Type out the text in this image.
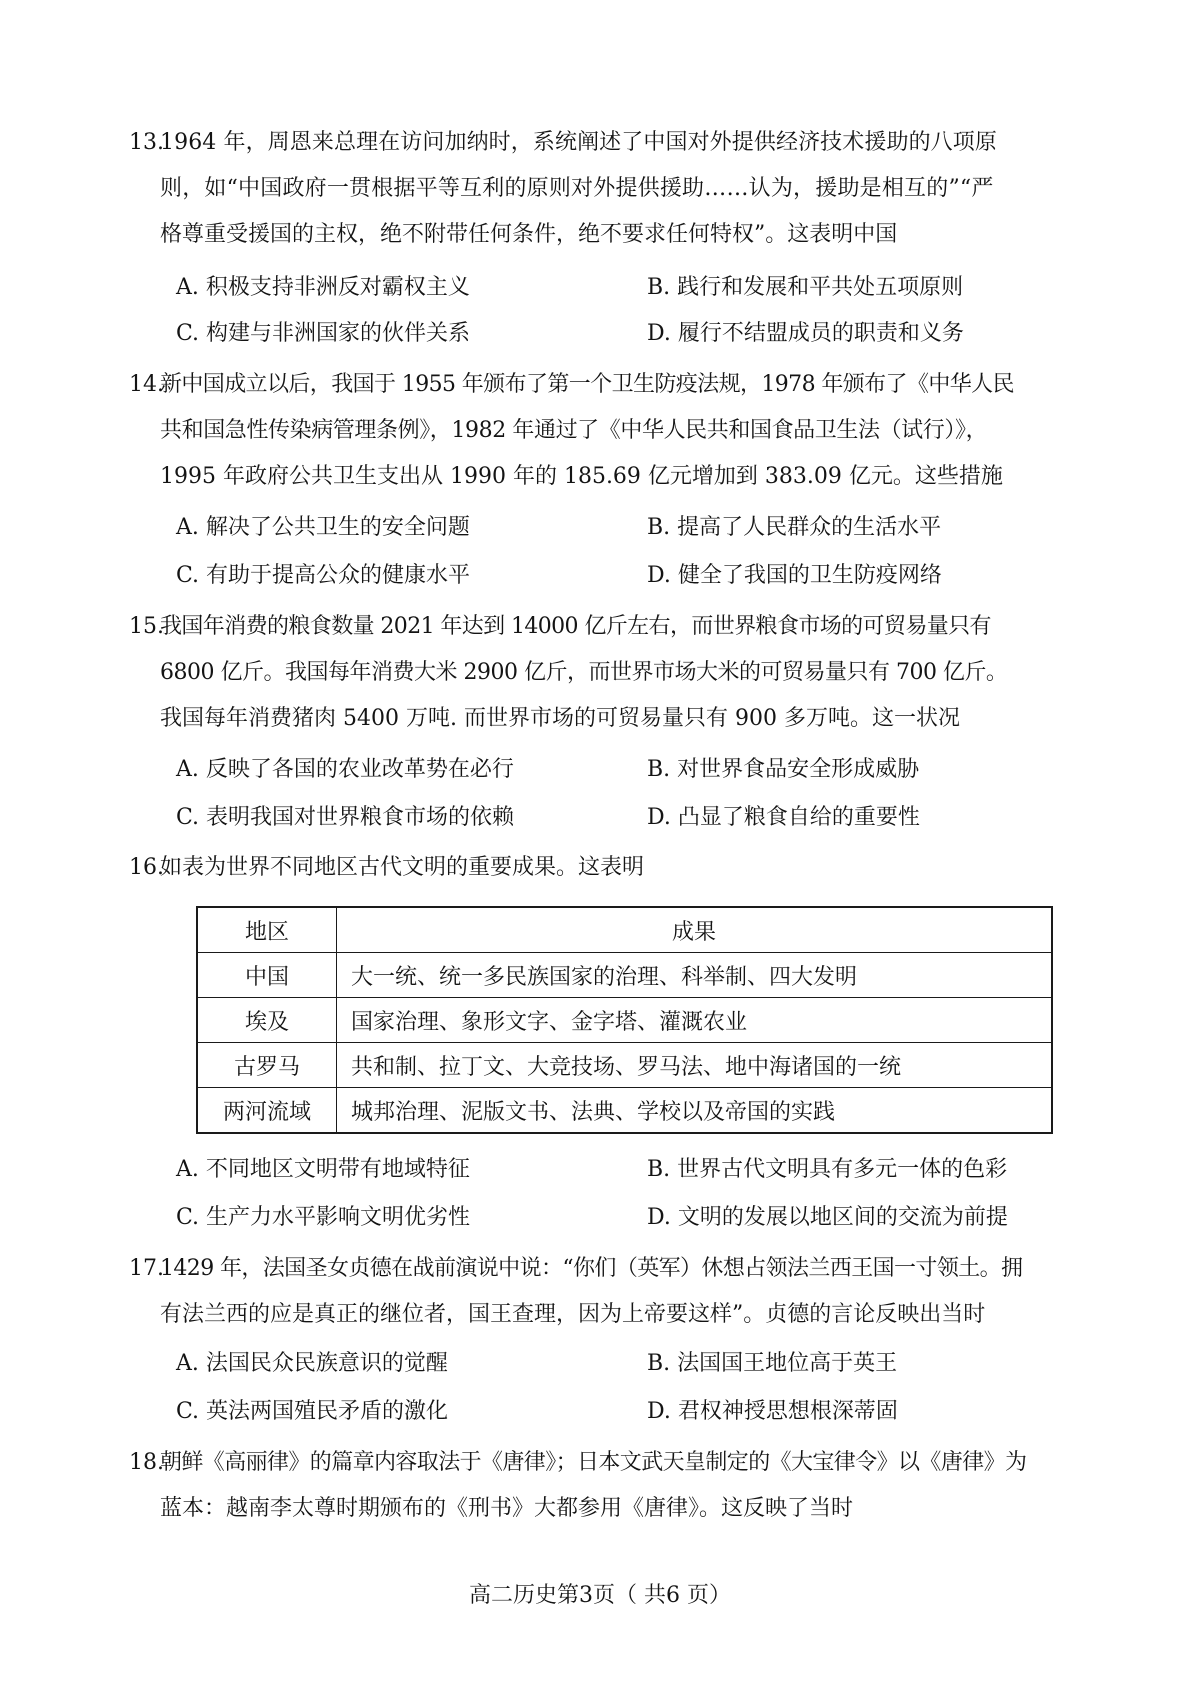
13.
1964 年，周恩来总理在访问加纳时，系统阐述了中国对外提供经济技术援助的八项原
则，如“中国政府一贯根据平等互利的原则对外提供援助……认为，援助是相互的”“严
格尊重受援国的主权，绝不附带任何条件，绝不要求任何特权”。这表明中国
A. 积极支持非洲反对霸权主义	B. 践行和发展和平共处五项原则
C. 构建与非洲国家的伙伴关系	D. 履行不结盟成员的职责和义务
14.
新中国成立以后，我国于 1955 年颁布了第一个卫生防疫法规，1978 年颁布了《中华人民
共和国急性传染病管理条例》，1982 年通过了《中华人民共和国食品卫生法（试行）》，
1995 年政府公共卫生支出从 1990 年的 185.69 亿元增加到 383.09 亿元。这些措施
A. 解决了公共卫生的安全问题	B. 提高了人民群众的生活水平
C. 有助于提高公众的健康水平	D. 健全了我国的卫生防疫网络
15.
我国年消费的粮食数量 2021 年达到 14000 亿斤左右，而世界粮食市场的可贸易量只有
6800 亿斤。我国每年消费大米 2900 亿斤，而世界市场大米的可贸易量只有 700 亿斤。
我国每年消费猪肉 5400 万吨. 而世界市场的可贸易量只有 900 多万吨。这一状况
A. 反映了各国的农业改革势在必行	B. 对世界食品安全形成威胁
C. 表明我国对世界粮食市场的依赖	D. 凸显了粮食自给的重要性
16.
如表为世界不同地区古代文明的重要成果。这表明
地区	成果
中国	大一统、统一多民族国家的治理、科举制、四大发明
埃及	国家治理、象形文字、金字塔、灌溉农业
古罗马	共和制、拉丁文、大竞技场、罗马法、地中海诸国的一统
两河流域	城邦治理、泥版文书、法典、学校以及帝国的实践
A. 不同地区文明带有地域特征	B. 世界古代文明具有多元一体的色彩
C. 生产力水平影响文明优劣性	D. 文明的发展以地区间的交流为前提
17.
1429 年，法国圣女贞德在战前演说中说：“你们（英军）休想占领法兰西王国一寸领土。拥
有法兰西的应是真正的继位者，国王查理，因为上帝要这样”。贞德的言论反映出当时
A. 法国民众民族意识的觉醒	B. 法国国王地位高于英王
C. 英法两国殖民矛盾的激化	D. 君权神授思想根深蒂固
18.
朝鲜《高丽律》的篇章内容取法于《唐律》；日本文武天皇制定的《大宝律令》以《唐律》为
蓝本：越南李太尊时期颁布的《刑书》大都参用《唐律》。这反映了当时
高二历史第3页（ 共6 页）
